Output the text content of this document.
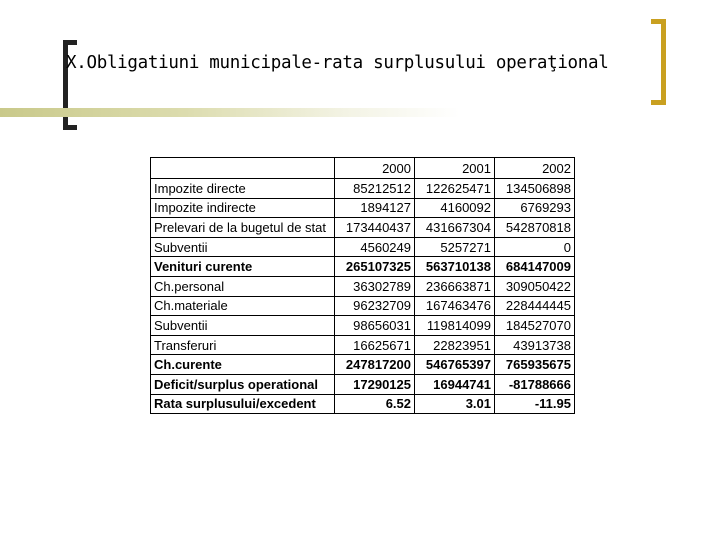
X.Obligatiuni municipale-rata surplusului operaţional
	2000	2001	2002
Impozite directe	85212512	122625471	134506898
Impozite indirecte	1894127	4160092	6769293
Prelevari de la bugetul de stat	173440437	431667304	542870818
Subventii	4560249	5257271	0
Venituri curente	265107325	563710138	684147009
Ch.personal	36302789	236663871	309050422
Ch.materiale	96232709	167463476	228444445
Subventii	98656031	119814099	184527070
Transferuri	16625671	22823951	43913738
Ch.curente	247817200	546765397	765935675
Deficit/surplus operational	17290125	16944741	-81788666
Rata surplusului/excedent	6.52	3.01	-11.95
